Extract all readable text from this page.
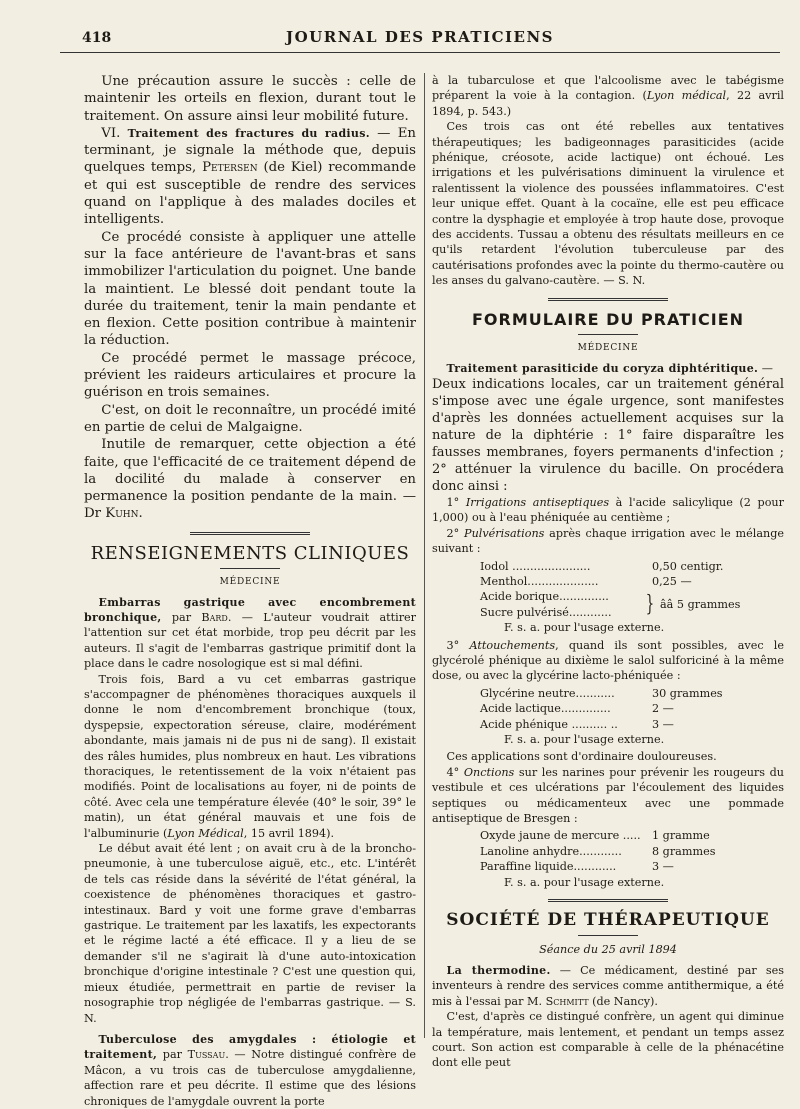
418	JOURNAL DES PRATICIENS

Une précaution assure le succès : celle de maintenir les orteils en flexion, durant tout le traitement. On assure ainsi leur mobilité future.

VI. Traitement des fractures du radius. — En terminant, je signale la méthode que, depuis quelques temps, Petersen (de Kiel) recommande et qui est susceptible de rendre des services quand on l'applique à des malades dociles et intelligents.

Ce procédé consiste à appliquer une attelle sur la face antérieure de l'avant-bras et sans immobilizer l'articulation du poignet. Une bande la maintient. Le blessé doit pendant toute la durée du traitement, tenir la main pendante et en flexion. Cette position contribue à maintenir la réduction.

Ce procédé permet le massage précoce, prévient les raideurs articulaires et procure la guérison en trois semaines.

C'est, on doit le reconnaître, un procédé imité en partie de celui de Malgaigne.

Inutile de remarquer, cette objection a été faite, que l'efficacité de ce traitement dépend de la docilité du malade à conserver en permanence la position pendante de la main. — Dr Kuhn.

RENSEIGNEMENTS CLINIQUES
MÉDECINE

Embarras gastrique avec encombrement bronchique, par Bard. — L'auteur voudrait attirer l'attention sur cet état morbide, trop peu décrit par les auteurs. Il s'agit de l'embarras gastrique primitif dont la place dans le cadre nosologique est si mal défini.

Trois fois, Bard a vu cet embarras gastrique s'accompagner de phénomènes thoraciques auxquels il donne le nom d'encombrement bronchique (toux, dyspepsie, expectoration séreuse, claire, modérément abondante, mais jamais ni de pus ni de sang). Il existait des râles humides, plus nombreux en haut. Les vibrations thoraciques, le retentissement de la voix n'étaient pas modifiés. Point de localisations au foyer, ni de points de côté. Avec cela une température élevée (40° le soir, 39° le matin), un état général mauvais et une fois de l'albuminurie (Lyon Médical, 15 avril 1894).

Le début avait été lent ; on avait cru à de la broncho-pneumonie, à une tuberculose aiguë, etc., etc. L'intérêt de tels cas réside dans la sévérité de l'état général, la coexistence de phénomènes thoraciques et gastro-intestinaux. Bard y voit une forme grave d'embarras gastrique. Le traitement par les laxatifs, les expectorants et le régime lacté a été efficace. Il y a lieu de se demander s'il ne s'agirait là d'une auto-intoxication bronchique d'origine intestinale ? C'est une question qui, mieux étudiée, permettrait en partie de reviser la nosographie trop négligée de l'embarras gastrique. — S. N.

Tuberculose des amygdales : étiologie et traitement, par Tussau. — Notre distingué confrère de Mâcon, a vu trois cas de tuberculose amygdalienne, affection rare et peu décrite. Il estime que des lésions chroniques de l'amygdale ouvrent la porte

à la tubarculose et que l'alcoolisme avec le tabégisme préparent la voie à la contagion. (Lyon médical, 22 avril 1894, p. 543.)

Ces trois cas ont été rebelles aux tentatives thérapeutiques; les badigeonnages parasiticides (acide phénique, créosote, acide lactique) ont échoué. Les irrigations et les pulvérisations diminuent la virulence et ralentissent la violence des poussées inflammatoires. C'est leur unique effet. Quant à la cocaïne, elle est peu efficace contre la dysphagie et employée à trop haute dose, provoque des accidents. Tussau a obtenu des résultats meilleurs en ce qu'ils retardent l'évolution tuberculeuse par des cautérisations profondes avec la pointe du thermo-cautère ou les anses du galvano-cautère. — S. N.

FORMULAIRE DU PRATICIEN
MÉDECINE

Traitement parasiticide du coryza diphtéritique. —

Deux indications locales, car un traitement général s'impose avec une égale urgence, sont manifestes d'après les données actuellement acquises sur la nature de la diphtérie : 1° faire disparaître les fausses membranes, foyers permanents d'infection ; 2° atténuer la virulence du bacille. On procédera donc ainsi :

1° Irrigations antiseptiques à l'acide salicylique (2 pour 1,000) ou à l'eau phéniquée au centième ;

2° Pulvérisations après chaque irrigation avec le mélange suivant :

Iodol ......................	0,50 centigr.
Menthol....................	0,25 —
Acide borique..............
Sucre pulvérisé............	} ââ 5 grammes
F. s. a. pour l'usage externe.

3° Attouchements, quand ils sont possibles, avec le glycérolé phénique au dixième le salol sulforiciné à la même dose, ou avec la glycérine lacto-phéniquée :

Glycérine neutre...........	30 grammes
Acide lactique..............	2 —
Acide phénique .......... ..	3 —
F. s. a. pour l'usage externe.

Ces applications sont d'ordinaire douloureuses.

4° Onctions sur les narines pour prévenir les rougeurs du vestibule et ces ulcérations par l'écoulement des liquides septiques ou médicamenteux avec une pommade antiseptique de Bresgen :

Oxyde jaune de mercure .....	1 gramme
Lanoline anhydre............	8 grammes
Paraffine liquide............	3 —
F. s. a. pour l'usage externe.
SOCIÉTÉ DE THÉRAPEUTIQUE
Séance du 25 avril 1894

La thermodine. — Ce médicament, destiné par ses inventeurs à rendre des services comme antithermique, a été mis à l'essai par M. Schmitt (de Nancy).

C'est, d'après ce distingué confrère, un agent qui diminue la température, mais lentement, et pendant un temps assez court. Son action est comparable à celle de la phénacétine dont elle peut
